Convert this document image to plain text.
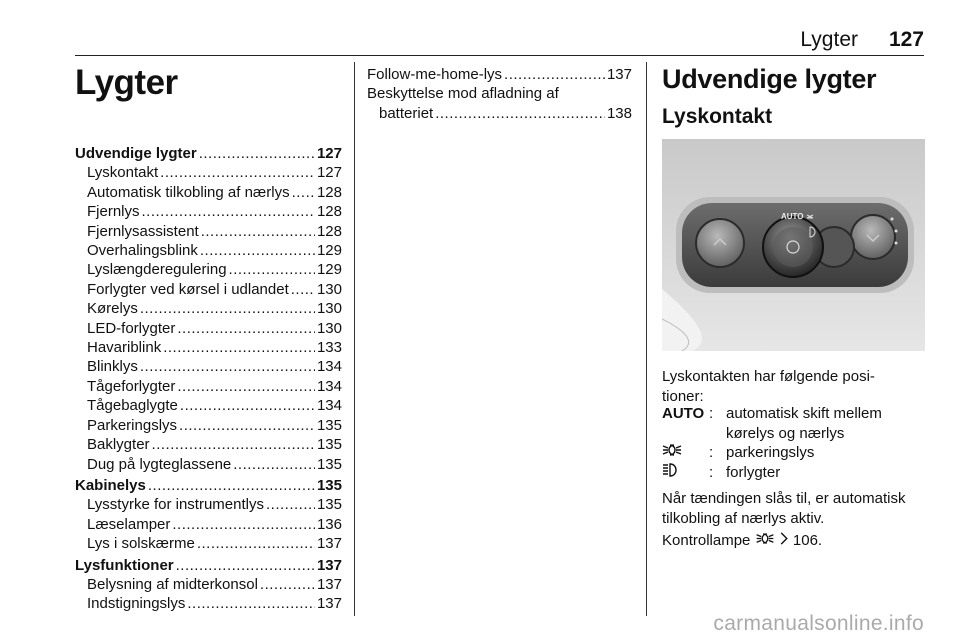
Lygter 127
Lygter
Udvendige lygter .....	127
Lyskontakt .....	127
Automatisk tilkobling af nærlys ..... 128
Fjernlys .....	128
Fjernlysassistent .....	128
Overhalingsblink .....	129
Lyslængderegulering .....	129
Forlygter ved kørsel i udlandet ..... 130
Kørelys .....	130
LED-forlygter .....	130
Havariblink .....	133
Blinklys .....	134
Tågeforlygter .....	134
Tågebaglygte .....	134
Parkeringslys .....	135
Baklygter .....	135
Dug på lygteglassene .....	135
Kabinelys .....	135
Lysstyrke for instrumentlys .....	135
Læselamper .....	136
Lys i solskærme .....	137
Lysfunktioner .....	137
Belysning af midterkonsol .....	137
Indstigningslys .....	137
Follow-me-home-lys .....	137
Beskyttelse mod afladning af
batteriet .....	138
Udvendige lygter
Lyskontakt
AUTO
Lyskontakten har følgende posi-
tioner:
AUTO : automatisk skift mellem
kørelys og nærlys
: parkeringslys
: forlygter
Når tændingen slås til, er automatisk
tilkobling af nærlys aktiv.
Kontrollampe	106.
carmanualsonline.info
